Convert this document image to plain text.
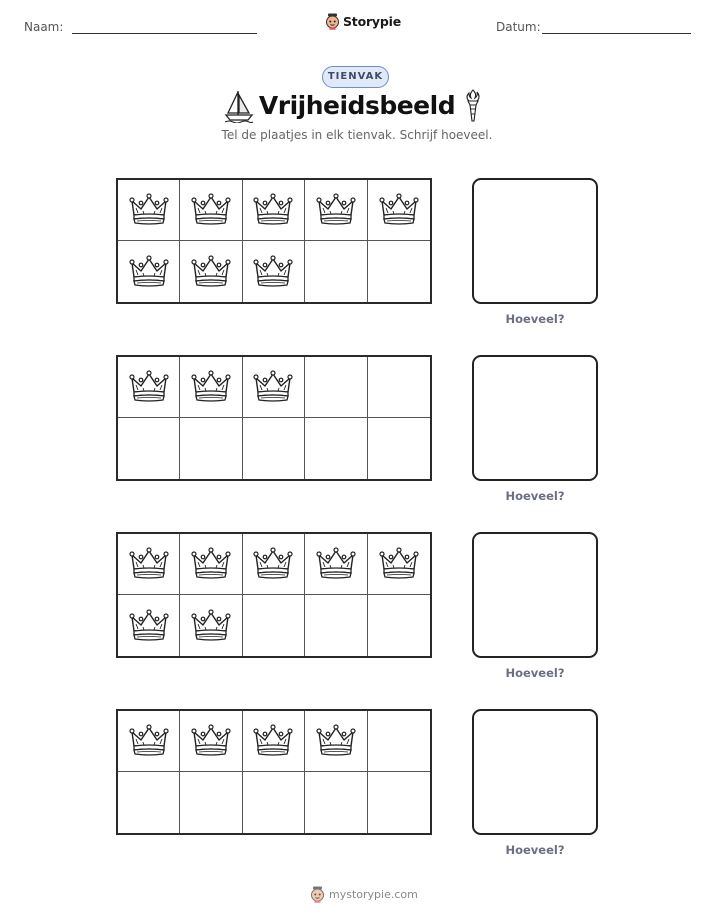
Naam:	Storypie	Datum:
TIENVAK
Vrijheidsbeeld
Tel de plaatjes in elk tienvak. Schrijf hoeveel.
Hoeveel?
Hoeveel?
Hoeveel?
Hoeveel?
mystorypie.com
